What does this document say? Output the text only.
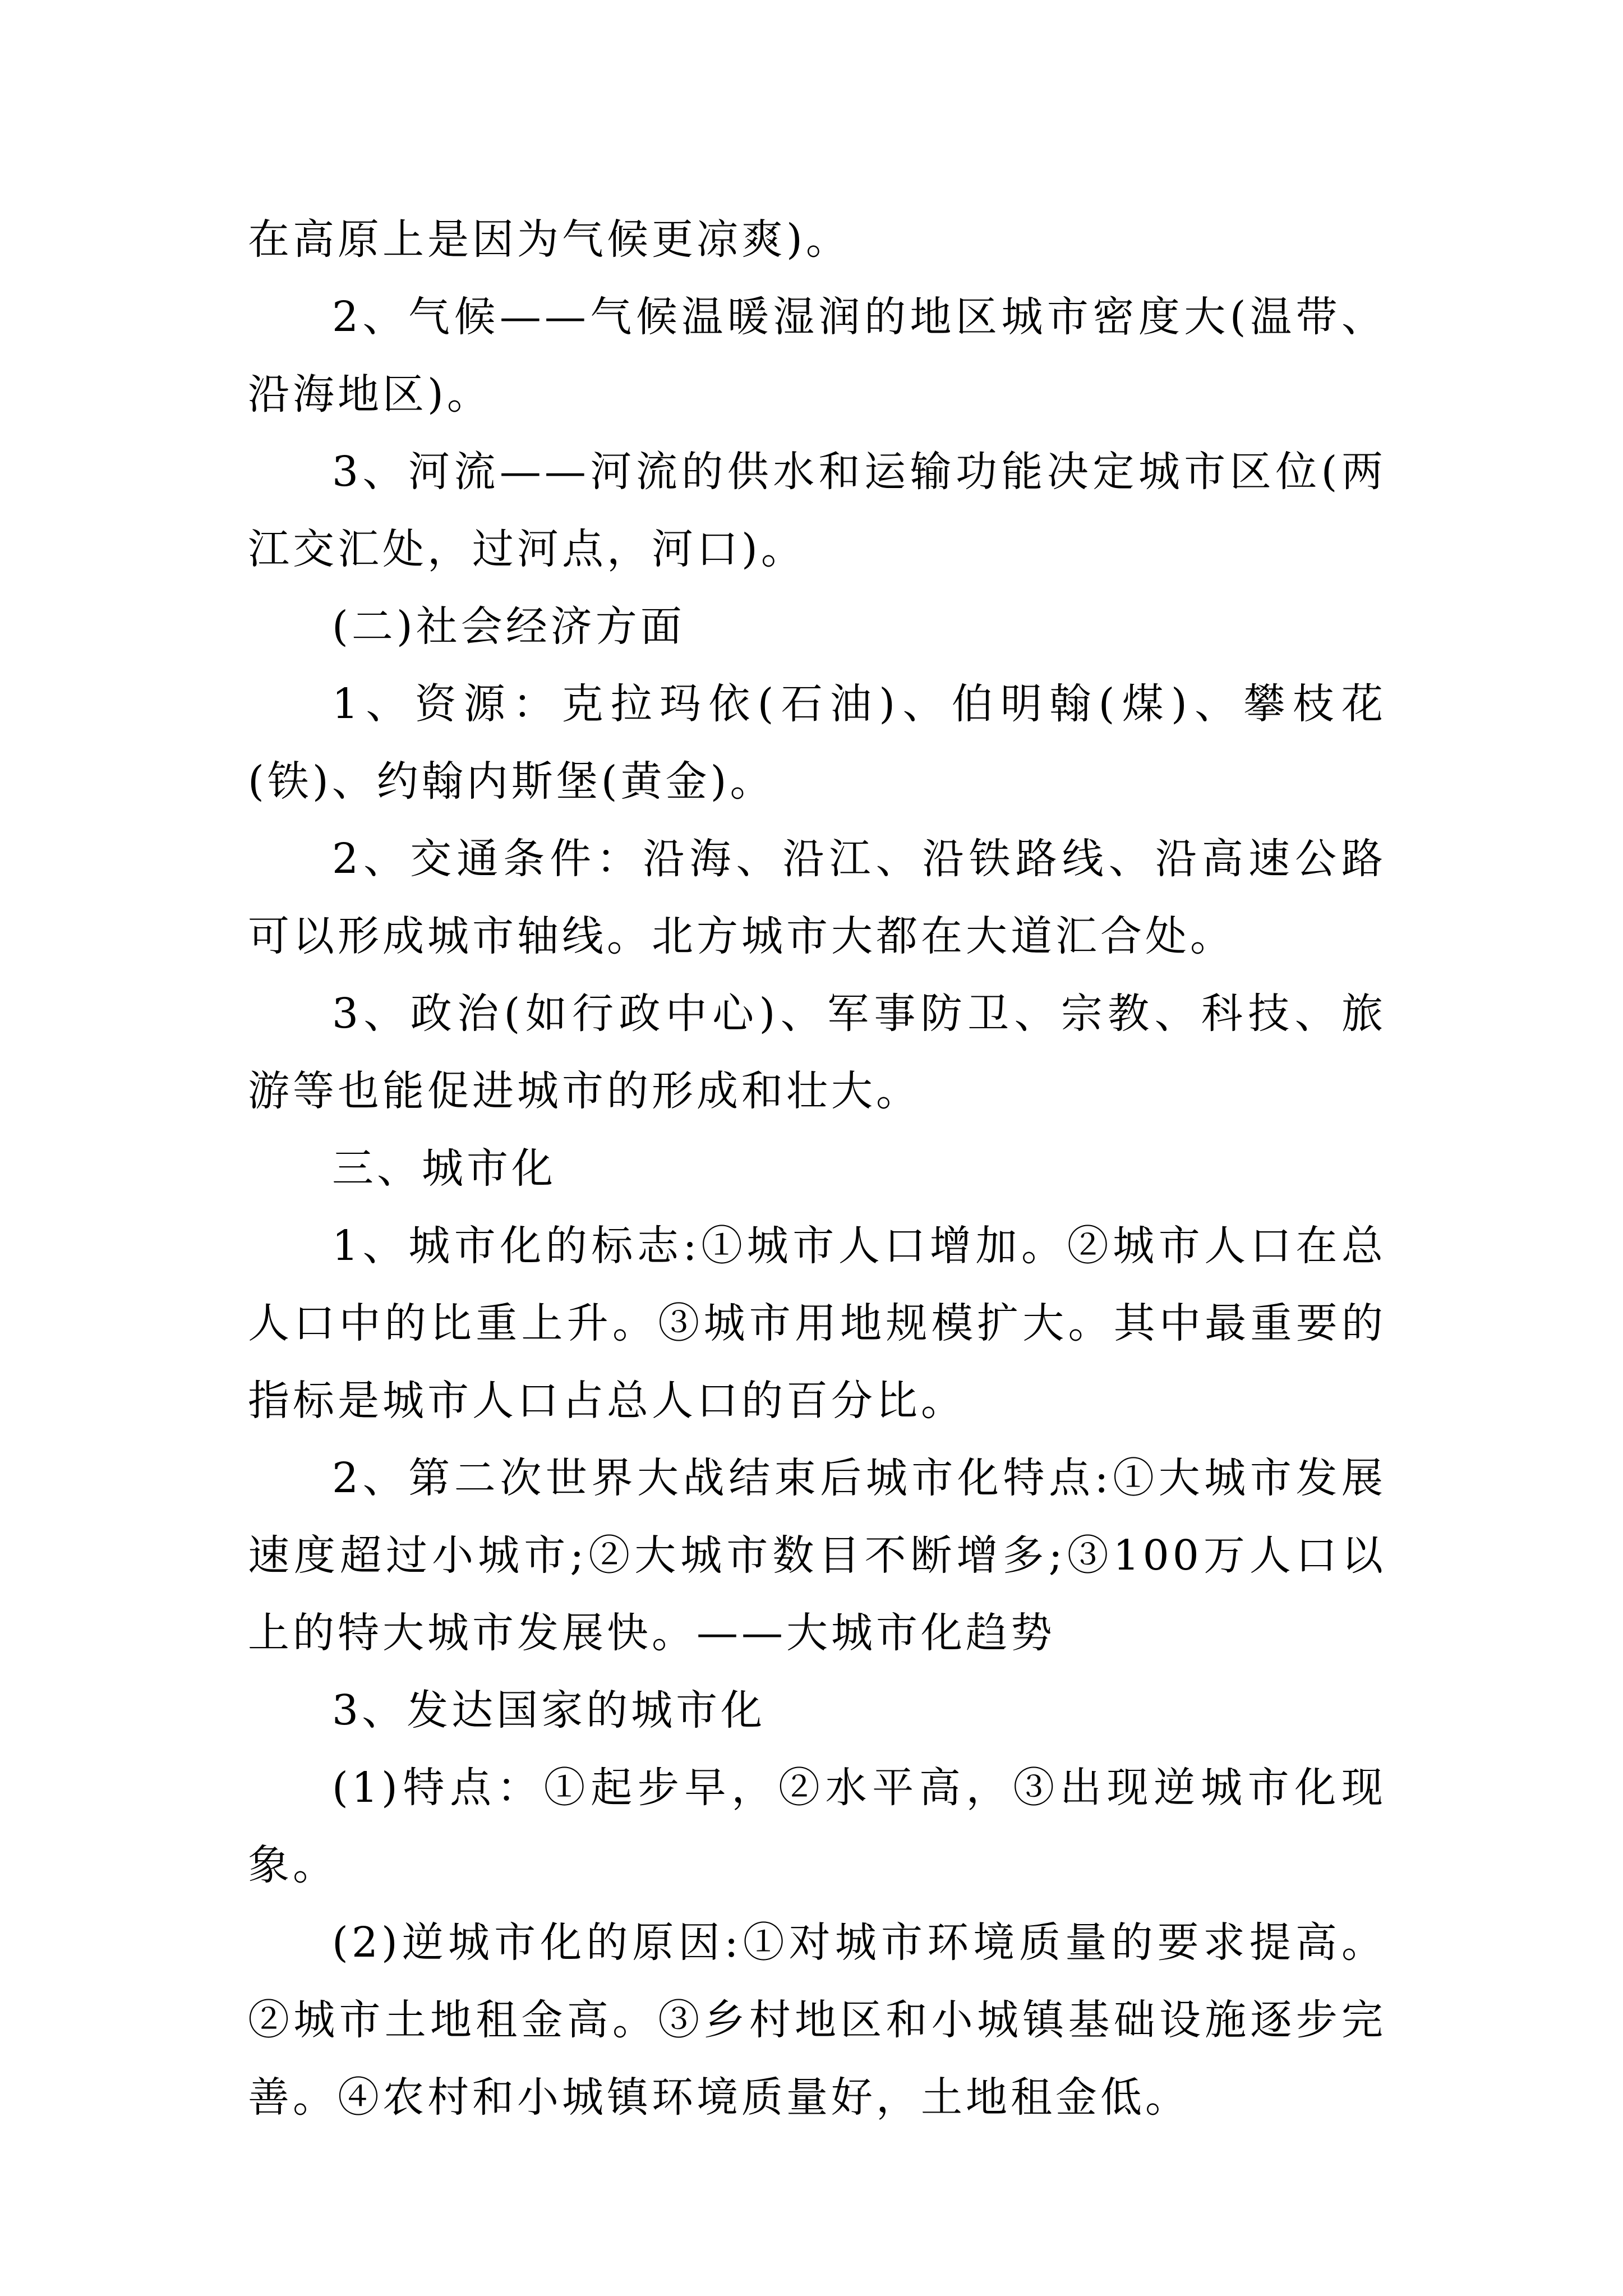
在高原上是因为气候更凉爽)。

2、气候——气候温暖湿润的地区城市密度大(温带、沿海地区)。

3、河流——河流的供水和运输功能决定城市区位(两江交汇处，过河点，河口)。

(二)社会经济方面

1、资源：克拉玛依(石油)、伯明翰(煤)、攀枝花(铁)、约翰内斯堡(黄金)。

2、交通条件：沿海、沿江、沿铁路线、沿高速公路可以形成城市轴线。北方城市大都在大道汇合处。

3、政治(如行政中心)、军事防卫、宗教、科技、旅游等也能促进城市的形成和壮大。

三、城市化

1、城市化的标志:①城市人口增加。②城市人口在总人口中的比重上升。③城市用地规模扩大。其中最重要的指标是城市人口占总人口的百分比。

2、第二次世界大战结束后城市化特点:①大城市发展速度超过小城市;②大城市数目不断增多;③100万人口以上的特大城市发展快。——大城市化趋势

3、发达国家的城市化

(1)特点：①起步早，②水平高，③出现逆城市化现象。

(2)逆城市化的原因:①对城市环境质量的要求提高。②城市土地租金高。③乡村地区和小城镇基础设施逐步完善。④农村和小城镇环境质量好，土地租金低。
